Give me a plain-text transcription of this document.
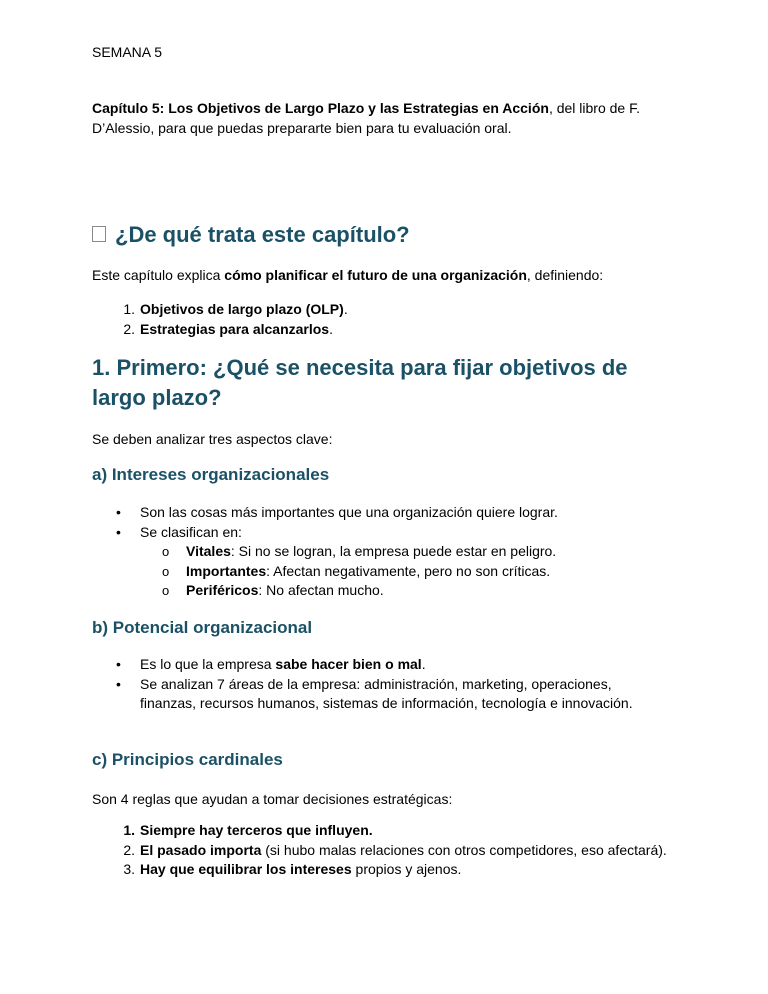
SEMANA 5

Capítulo 5: Los Objetivos de Largo Plazo y las Estrategias en Acción, del libro de F. D’Alessio, para que puedas prepararte bien para tu evaluación oral.

¿De qué trata este capítulo?

Este capítulo explica cómo planificar el futuro de una organización, definiendo:

1. Objetivos de largo plazo (OLP).
2. Estrategias para alcanzarlos.
1. Primero: ¿Qué se necesita para fijar objetivos de largo plazo?

Se deben analizar tres aspectos clave:

a) Intereses organizacionales
• Son las cosas más importantes que una organización quiere lograr.
• Se clasifican en:
o Vitales: Si no se logran, la empresa puede estar en peligro.
o Importantes: Afectan negativamente, pero no son críticas.
o Periféricos: No afectan mucho.
b) Potencial organizacional
• Es lo que la empresa sabe hacer bien o mal.
• Se analizan 7 áreas de la empresa: administración, marketing, operaciones, finanzas, recursos humanos, sistemas de información, tecnología e innovación.
c) Principios cardinales

Son 4 reglas que ayudan a tomar decisiones estratégicas:

1. Siempre hay terceros que influyen.
2. El pasado importa (si hubo malas relaciones con otros competidores, eso afectará).
3. Hay que equilibrar los intereses propios y ajenos.
